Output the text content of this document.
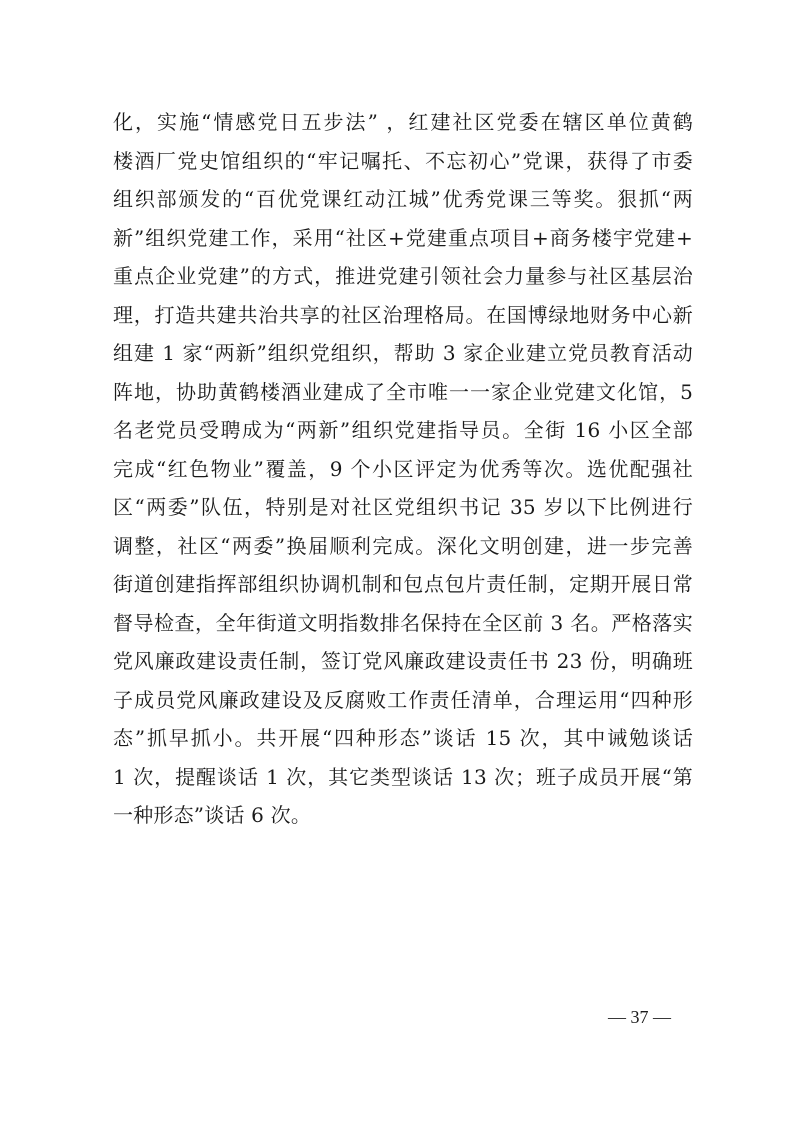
化，实施“情感党日五步法” ，红建社区党委在辖区单位黄鹤
楼酒厂党史馆组织的“牢记嘱托、不忘初心”党课，获得了市委
组织部颁发的“百优党课红动江城”优秀党课三等奖。狠抓“两
新”组织党建工作，采用“社区+党建重点项目+商务楼宇党建+
重点企业党建”的方式，推进党建引领社会力量参与社区基层治
理，打造共建共治共享的社区治理格局。在国博绿地财务中心新
组建 1 家“两新”组织党组织，帮助 3 家企业建立党员教育活动
阵地，协助黄鹤楼酒业建成了全市唯一一家企业党建文化馆，5
名老党员受聘成为“两新”组织党建指导员。全街 16 小区全部
完成“红色物业”覆盖，9 个小区评定为优秀等次。选优配强社
区“两委”队伍，特别是对社区党组织书记 35 岁以下比例进行
调整，社区“两委”换届顺利完成。深化文明创建，进一步完善
街道创建指挥部组织协调机制和包点包片责任制，定期开展日常
督导检查，全年街道文明指数排名保持在全区前 3 名。严格落实
党风廉政建设责任制，签订党风廉政建设责任书 23 份，明确班
子成员党风廉政建设及反腐败工作责任清单，合理运用“四种形
态”抓早抓小。共开展“四种形态”谈话 15 次，其中诫勉谈话
1 次，提醒谈话 1 次，其它类型谈话 13 次；班子成员开展“第
一种形态”谈话 6 次。
— 37 —
